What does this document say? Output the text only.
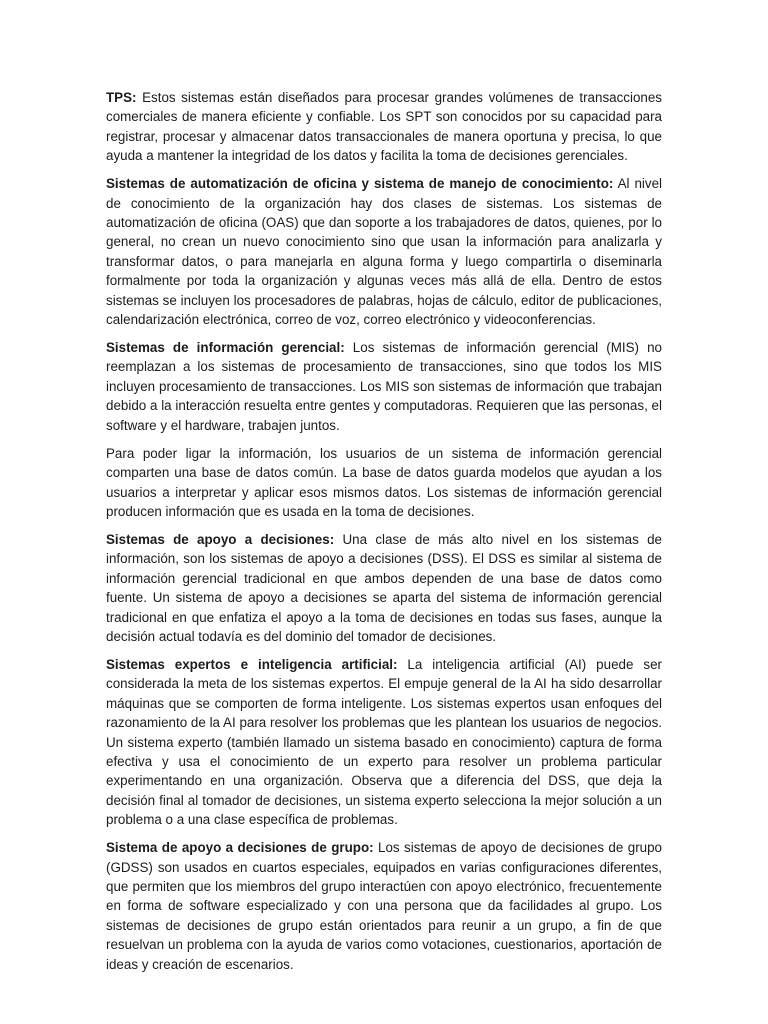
TPS: Estos sistemas están diseñados para procesar grandes volúmenes de transacciones comerciales de manera eficiente y confiable. Los SPT son conocidos por su capacidad para registrar, procesar y almacenar datos transaccionales de manera oportuna y precisa, lo que ayuda a mantener la integridad de los datos y facilita la toma de decisiones gerenciales.

Sistemas de automatización de oficina y sistema de manejo de conocimiento: Al nivel de conocimiento de la organización hay dos clases de sistemas. Los sistemas de automatización de oficina (OAS) que dan soporte a los trabajadores de datos, quienes, por lo general, no crean un nuevo conocimiento sino que usan la información para analizarla y transformar datos, o para manejarla en alguna forma y luego compartirla o diseminarla formalmente por toda la organización y algunas veces más allá de ella. Dentro de estos sistemas se incluyen los procesadores de palabras, hojas de cálculo, editor de publicaciones, calendarización electrónica, correo de voz, correo electrónico y videoconferencias.

Sistemas de información gerencial: Los sistemas de información gerencial (MIS) no reemplazan a los sistemas de procesamiento de transacciones, sino que todos los MIS incluyen procesamiento de transacciones. Los MIS son sistemas de información que trabajan debido a la interacción resuelta entre gentes y computadoras. Requieren que las personas, el software y el hardware, trabajen juntos.

Para poder ligar la información, los usuarios de un sistema de información gerencial comparten una base de datos común. La base de datos guarda modelos que ayudan a los usuarios a interpretar y aplicar esos mismos datos. Los sistemas de información gerencial producen información que es usada en la toma de decisiones.

Sistemas de apoyo a decisiones: Una clase de más alto nivel en los sistemas de información, son los sistemas de apoyo a decisiones (DSS). El DSS es similar al sistema de información gerencial tradicional en que ambos dependen de una base de datos como fuente. Un sistema de apoyo a decisiones se aparta del sistema de información gerencial tradicional en que enfatiza el apoyo a la toma de decisiones en todas sus fases, aunque la decisión actual todavía es del dominio del tomador de decisiones.

Sistemas expertos e inteligencia artificial: La inteligencia artificial (AI) puede ser considerada la meta de los sistemas expertos. El empuje general de la AI ha sido desarrollar máquinas que se comporten de forma inteligente. Los sistemas expertos usan enfoques del razonamiento de la AI para resolver los problemas que les plantean los usuarios de negocios. Un sistema experto (también llamado un sistema basado en conocimiento) captura de forma efectiva y usa el conocimiento de un experto para resolver un problema particular experimentando en una organización. Observa que a diferencia del DSS, que deja la decisión final al tomador de decisiones, un sistema experto selecciona la mejor solución a un problema o a una clase específica de problemas.

Sistema de apoyo a decisiones de grupo: Los sistemas de apoyo de decisiones de grupo (GDSS) son usados en cuartos especiales, equipados en varias configuraciones diferentes, que permiten que los miembros del grupo interactúen con apoyo electrónico, frecuentemente en forma de software especializado y con una persona que da facilidades al grupo. Los sistemas de decisiones de grupo están orientados para reunir a un grupo, a fin de que resuelvan un problema con la ayuda de varios como votaciones, cuestionarios, aportación de ideas y creación de escenarios.
